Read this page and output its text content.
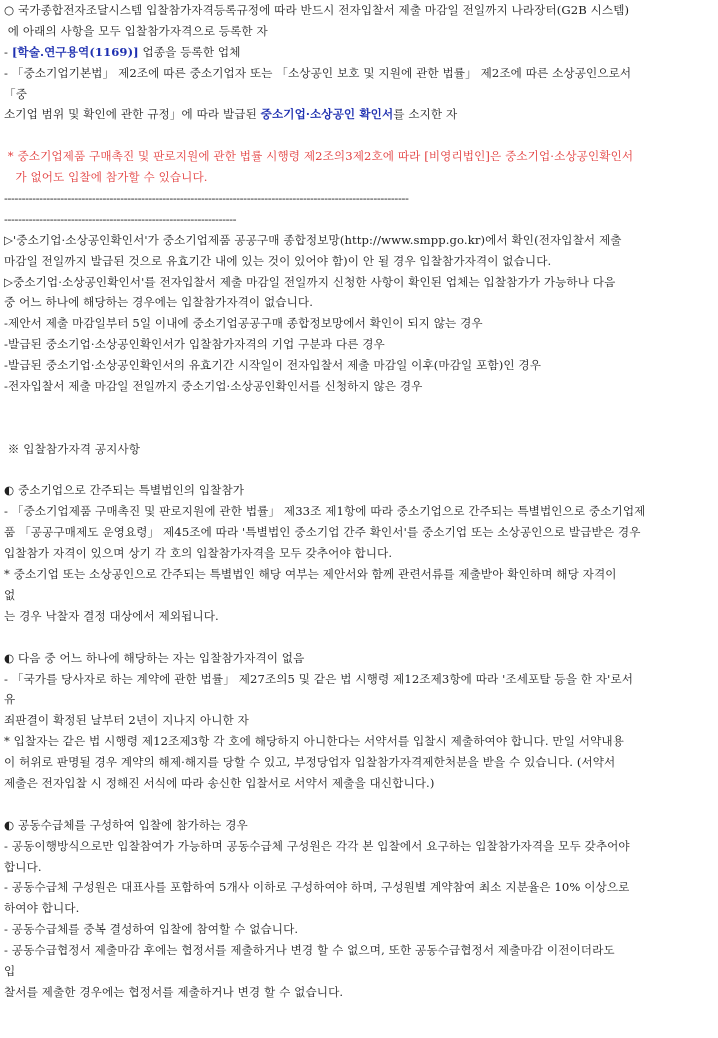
○ 국가종합전자조달시스템 입찰참가자격등록규정에 따라 반드시 전자입찰서 제출 마감일 전일까지 나라장터(G2B 시스템)
에 아래의 사항을 모두 입찰참가자격으로 등록한 자
- [학술.연구용역(1169)] 업종을 등록한 업체
- 「중소기업기본법」 제2조에 따른 중소기업자 또는 「소상공인 보호 및 지원에 관한 법률」 제2조에 따른 소상공인으로서
「중
소기업 범위 및 확인에 관한 규정」에 따라 발급된 중소기업·소상공인 확인서를 소지한 자
* 중소기업제품 구매촉진 및 판로지원에 관한 법률 시행령 제2조의3제2호에 따라 [비영리법인]은 중소기업·소상공인확인서
가 없어도 입찰에 참가할 수 있습니다.
-------------------------------------------------------------------------------------------------------------------
------------------------------------------------------------------
▷'중소기업·소상공인확인서'가 중소기업제품 공공구매 종합정보망(http://www.smpp.go.kr)에서 확인(전자입찰서 제출
마감일 전일까지 발급된 것으로 유효기간 내에 있는 것이 있어야 함)이 안 될 경우 입찰참가자격이 없습니다.
▷중소기업·소상공인확인서'를 전자입찰서 제출 마감일 전일까지 신청한 사항이 확인된 업체는 입찰참가가 가능하나 다음
중 어느 하나에 해당하는 경우에는 입찰참가자격이 없습니다.
-제안서 제출 마감일부터 5일 이내에 중소기업공공구매 종합정보망에서 확인이 되지 않는 경우
-발급된 중소기업·소상공인확인서가 입찰참가자격의 기업 구분과 다른 경우
-발급된 중소기업·소상공인확인서의 유효기간 시작일이 전자입찰서 제출 마감일 이후(마감일 포함)인 경우
-전자입찰서 제출 마감일 전일까지 중소기업·소상공인확인서를 신청하지 않은 경우
※ 입찰참가자격 공지사항
◐ 중소기업으로 간주되는 특별법인의 입찰참가
- 「중소기업제품 구매촉진 및 판로지원에 관한 법률」 제33조 제1항에 따라 중소기업으로 간주되는 특별법인으로 중소기업제
품 「공공구매제도 운영요령」 제45조에 따라 '특별법인 중소기업 간주 확인서'를 중소기업 또는 소상공인으로 발급받은 경우
입찰참가 자격이 있으며 상기 각 호의 입찰참가자격을 모두 갖추어야 합니다.
* 중소기업 또는 소상공인으로 간주되는 특별법인 해당 여부는 제안서와 함께 관련서류를 제출받아 확인하며 해당 자격이
없
는 경우 낙찰자 결정 대상에서 제외됩니다.
◐ 다음 중 어느 하나에 해당하는 자는 입찰참가자격이 없음
- 「국가를 당사자로 하는 계약에 관한 법률」 제27조의5 및 같은 법 시행령 제12조제3항에 따라 '조세포탈 등을 한 자'로서
유
죄판결이 확정된 날부터 2년이 지나지 아니한 자
* 입찰자는 같은 법 시행령 제12조제3항 각 호에 해당하지 아니한다는 서약서를 입찰시 제출하여야 합니다. 만일 서약내용
이 허위로 판명될 경우 계약의 해제·해지를 당할 수 있고, 부정당업자 입찰참가자격제한처분을 받을 수 있습니다. (서약서
제출은 전자입찰 시 정해진 서식에 따라 송신한 입찰서로 서약서 제출을 대신합니다.)
◐ 공동수급체를 구성하여 입찰에 참가하는 경우
- 공동이행방식으로만 입찰참여가 가능하며 공동수급체 구성원은 각각 본 입찰에서 요구하는 입찰참가자격을 모두 갖추어야
합니다.
- 공동수급체 구성원은 대표사를 포함하여 5개사 이하로 구성하여야 하며, 구성원별 계약참여 최소 지분율은 10% 이상으로
하여야 합니다.
- 공동수급체를 중복 결성하여 입찰에 참여할 수 없습니다.
- 공동수급협정서 제출마감 후에는 협정서를 제출하거나 변경 할 수 없으며, 또한 공동수급협정서 제출마감 이전이더라도
입
찰서를 제출한 경우에는 협정서를 제출하거나 변경 할 수 없습니다.
